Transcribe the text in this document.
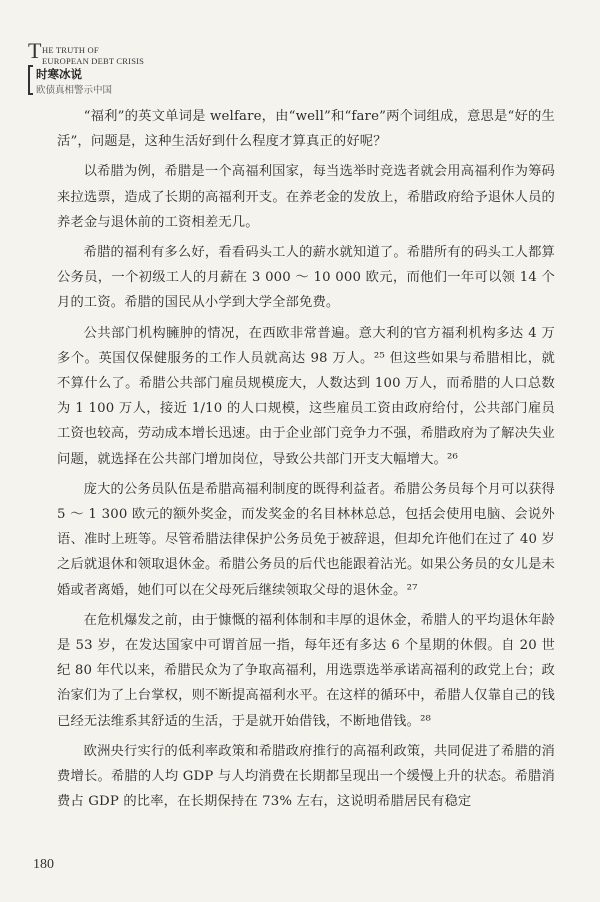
T HE TRUTH OF
EUROPEAN DEBT CRISIS
时寒冰说
欧债真相警示中国

“福利”的英文单词是 welfare，由“well”和“fare”两个词组成，意思是“好的生活”，问题是，这种生活好到什么程度才算真正的好呢？

以希腊为例，希腊是一个高福利国家，每当选举时竞选者就会用高福利作为筹码来拉选票，造成了长期的高福利开支。在养老金的发放上，希腊政府给予退休人员的养老金与退休前的工资相差无几。

希腊的福利有多么好，看看码头工人的薪水就知道了。希腊所有的码头工人都算公务员，一个初级工人的月薪在 3 000 ～ 10 000 欧元，而他们一年可以领 14 个月的工资。希腊的国民从小学到大学全部免费。

公共部门机构臃肿的情况，在西欧非常普遍。意大利的官方福利机构多达 4 万多个。英国仅保健服务的工作人员就高达 98 万人。²⁵ 但这些如果与希腊相比，就不算什么了。希腊公共部门雇员规模庞大，人数达到 100 万人，而希腊的人口总数为 1 100 万人，接近 1/10 的人口规模，这些雇员工资由政府给付，公共部门雇员工资也较高，劳动成本增长迅速。由于企业部门竞争力不强，希腊政府为了解决失业问题，就选择在公共部门增加岗位，导致公共部门开支大幅增大。²⁶

庞大的公务员队伍是希腊高福利制度的既得利益者。希腊公务员每个月可以获得 5 ～ 1 300 欧元的额外奖金，而发奖金的名目林林总总，包括会使用电脑、会说外语、准时上班等。尽管希腊法律保护公务员免于被辞退，但却允许他们在过了 40 岁之后就退休和领取退休金。希腊公务员的后代也能跟着沾光。如果公务员的女儿是未婚或者离婚，她们可以在父母死后继续领取父母的退休金。²⁷

在危机爆发之前，由于慷慨的福利体制和丰厚的退休金，希腊人的平均退休年龄是 53 岁，在发达国家中可谓首屈一指，每年还有多达 6 个星期的休假。自 20 世纪 80 年代以来，希腊民众为了争取高福利，用选票选举承诺高福利的政党上台；政治家们为了上台掌权，则不断提高福利水平。在这样的循环中，希腊人仅靠自己的钱已经无法维系其舒适的生活，于是就开始借钱，不断地借钱。²⁸

欧洲央行实行的低利率政策和希腊政府推行的高福利政策，共同促进了希腊的消费增长。希腊的人均 GDP 与人均消费在长期都呈现出一个缓慢上升的状态。希腊消费占 GDP 的比率，在长期保持在 73% 左右，这说明希腊居民有稳定

180
